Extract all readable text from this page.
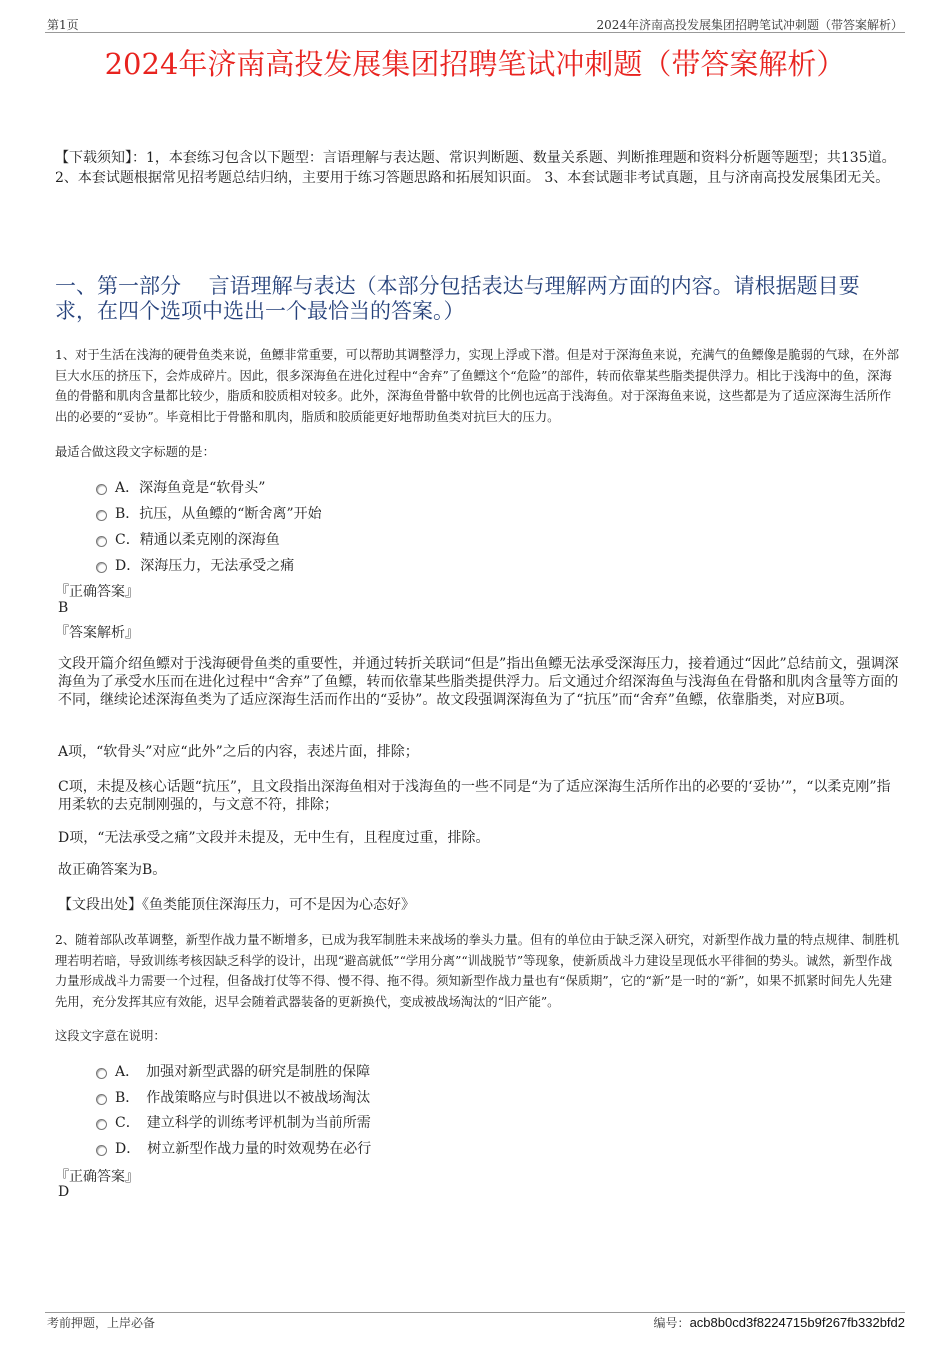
第1页	2024年济南高投发展集团招聘笔试冲刺题（带答案解析）
2024年济南高投发展集团招聘笔试冲刺题（带答案解析）
【下载须知】：1，本套练习包含以下题型：言语理解与表达题、常识判断题、数量关系题、判断推理题和资料分析题等题型；共135道。 2、本套试题根据常见招考题总结归纳，主要用于练习答题思路和拓展知识面。 3、本套试题非考试真题，且与济南高投发展集团无关。
一、第一部分　 言语理解与表达（本部分包括表达与理解两方面的内容。请根据题目要求，在四个选项中选出一个最恰当的答案。）
1、对于生活在浅海的硬骨鱼类来说，鱼鳔非常重要，可以帮助其调整浮力，实现上浮或下潜。但是对于深海鱼来说，充满气的鱼鳔像是脆弱的气球，在外部巨大水压的挤压下，会炸成碎片。因此，很多深海鱼在进化过程中“舍弃”了鱼鳔这个“危险”的部件，转而依靠某些脂类提供浮力。相比于浅海中的鱼，深海鱼的骨骼和肌肉含量都比较少，脂质和胶质相对较多。此外，深海鱼骨骼中软骨的比例也远高于浅海鱼。对于深海鱼来说，这些都是为了适应深海生活所作出的必要的“妥协”。毕竟相比于骨骼和肌肉，脂质和胶质能更好地帮助鱼类对抗巨大的压力。
最适合做这段文字标题的是：
A．深海鱼竟是“软骨头”
B．抗压，从鱼鳔的“断舍离”开始
C．精通以柔克刚的深海鱼
D．深海压力，无法承受之痛
『正确答案』
B
『答案解析』
文段开篇介绍鱼鳔对于浅海硬骨鱼类的重要性，并通过转折关联词“但是”指出鱼鳔无法承受深海压力，接着通过“因此”总结前文，强调深海鱼为了承受水压而在进化过程中“舍弃”了鱼鳔，转而依靠某些脂类提供浮力。后文通过介绍深海鱼与浅海鱼在骨骼和肌肉含量等方面的不同，继续论述深海鱼类为了适应深海生活而作出的“妥协”。故文段强调深海鱼为了“抗压”而“舍弃”鱼鳔，依靠脂类，对应B项。
A项，“软骨头”对应“此外”之后的内容，表述片面，排除；
C项，未提及核心话题“抗压”，且文段指出深海鱼相对于浅海鱼的一些不同是“为了适应深海生活所作出的必要的‘妥协’”，“以柔克刚”指用柔软的去克制刚强的，与文意不符，排除；
D项，“无法承受之痛”文段并未提及，无中生有，且程度过重，排除。
故正确答案为B。
【文段出处】《鱼类能顶住深海压力，可不是因为心态好》
2、随着部队改革调整，新型作战力量不断增多，已成为我军制胜未来战场的拳头力量。但有的单位由于缺乏深入研究，对新型作战力量的特点规律、制胜机理若明若暗，导致训练考核因缺乏科学的设计，出现“避高就低”“学用分离”“训战脱节”等现象，使新质战斗力建设呈现低水平徘徊的势头。诚然，新型作战力量形成战斗力需要一个过程，但备战打仗等不得、慢不得、拖不得。须知新型作战力量也有“保质期”，它的“新”是一时的“新”，如果不抓紧时间先人先建先用，充分发挥其应有效能，迟早会随着武器装备的更新换代，变成被战场淘汰的“旧产能”。
这段文字意在说明：
A．　加强对新型武器的研究是制胜的保障
B．　作战策略应与时俱进以不被战场淘汰
C．　建立科学的训练考评机制为当前所需
D．　树立新型作战力量的时效观势在必行
『正确答案』
D
考前押题，上岸必备	编号：acb8b0cd3f8224715b9f267fb332bfd2
